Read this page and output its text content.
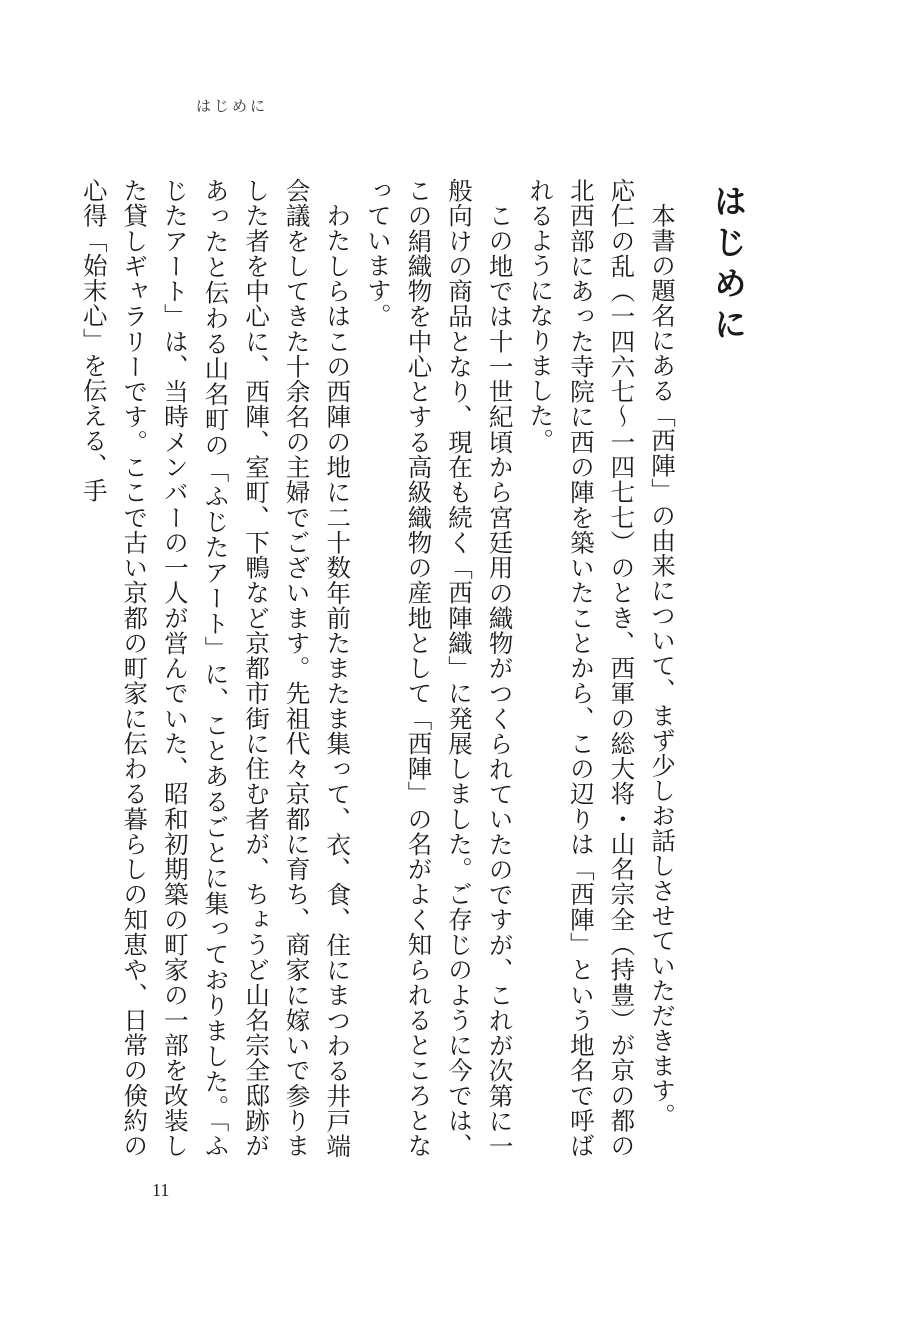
はじめに
はじめに

本書の題名にある「西陣」の由来について、まず少しお話しさせていただきます。

応仁の乱（一四六七〜一四七七）のとき、西軍の総大将・山名宗全（持豊）が京の都の北西部にあった寺院に西の陣を築いたことから、この辺りは「西陣」という地名で呼ばれるようになりました。

この地では十一世紀頃から宮廷用の織物がつくられていたのですが、これが次第に一般向けの商品となり、現在も続く「西陣織」に発展しました。ご存じのように今では、この絹織物を中心とする高級織物の産地として「西陣」の名がよく知られるところとなっています。

わたしらはこの西陣の地に二十数年前たまたま集って、衣、食、住にまつわる井戸端会議をしてきた十余名の主婦でございます。先祖代々京都に育ち、商家に嫁いで参りました者を中心に、西陣、室町、下鴨など京都市街に住む者が、ちょうど山名宗全邸跡があったと伝わる山名町の「ふじたアート」に、ことあるごとに集っておりました。「ふじたアート」は、当時メンバーの一人が営んでいた、昭和初期築の町家の一部を改装した貸しギャラリーです。ここで古い京都の町家に伝わる暮らしの知恵や、日常の倹約の心得「始末心」を伝える、手

11
